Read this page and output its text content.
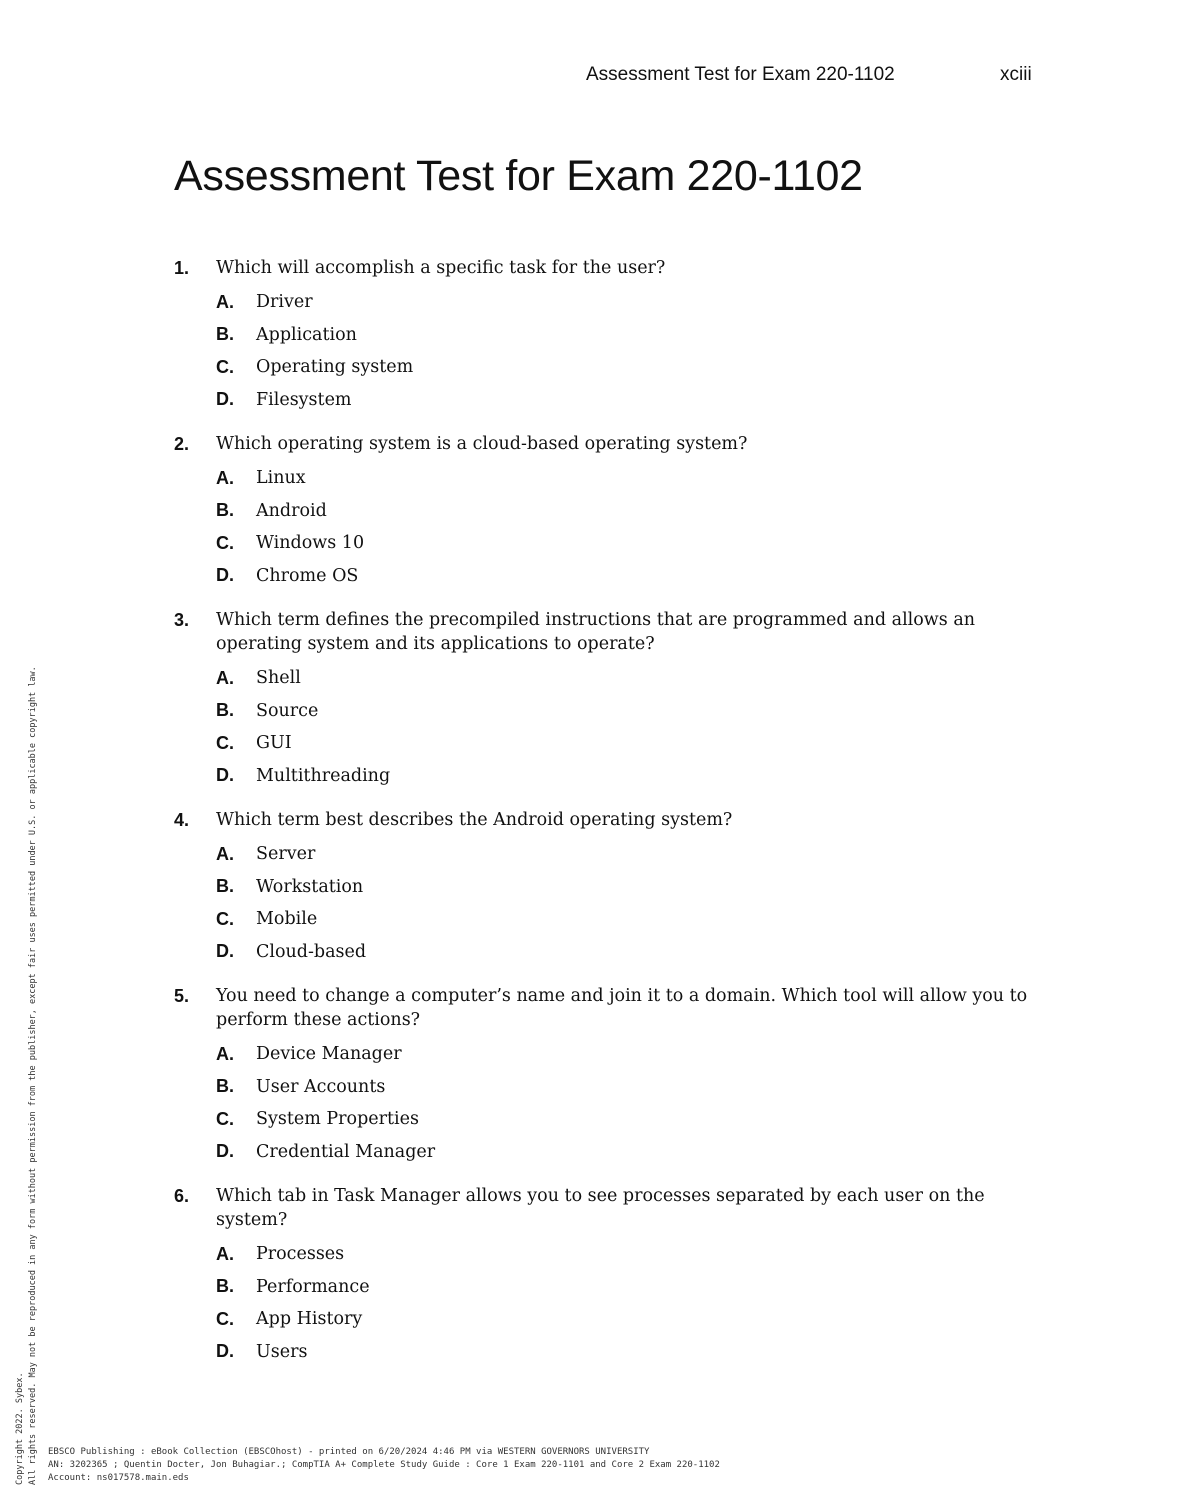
Assessment Test for Exam 220-1102	xciii
Assessment Test for Exam 220-1102
1.	Which will accomplish a specific task for the user?
A.	Driver
B.	Application
C.	Operating system
D.	Filesystem
2.	Which operating system is a cloud-based operating system?
A.	Linux
B.	Android
C.	Windows 10
D.	Chrome OS
3.	Which term defines the precompiled instructions that are programmed and allows an operating system and its applications to operate?
A.	Shell
B.	Source
C.	GUI
D.	Multithreading
4.	Which term best describes the Android operating system?
A.	Server
B.	Workstation
C.	Mobile
D.	Cloud-based
5.	You need to change a computer’s name and join it to a domain. Which tool will allow you to perform these actions?
A.	Device Manager
B.	User Accounts
C.	System Properties
D.	Credential Manager
6.	Which tab in Task Manager allows you to see processes separated by each user on the system?
A.	Processes
B.	Performance
C.	App History
D.	Users
Copyright 2022. Sybex. All rights reserved. May not be reproduced in any form without permission from the publisher, except fair uses permitted under U.S. or applicable copyright law. EBSCO Publishing : eBook Collection (EBSCOhost) - printed on 6/20/2024 4:46 PM via WESTERN GOVERNORS UNIVERSITY
AN: 3202365 ; Quentin Docter, Jon Buhagiar.; CompTIA A+ Complete Study Guide : Core 1 Exam 220-1101 and Core 2 Exam 220-1102
Account: ns017578.main.eds
